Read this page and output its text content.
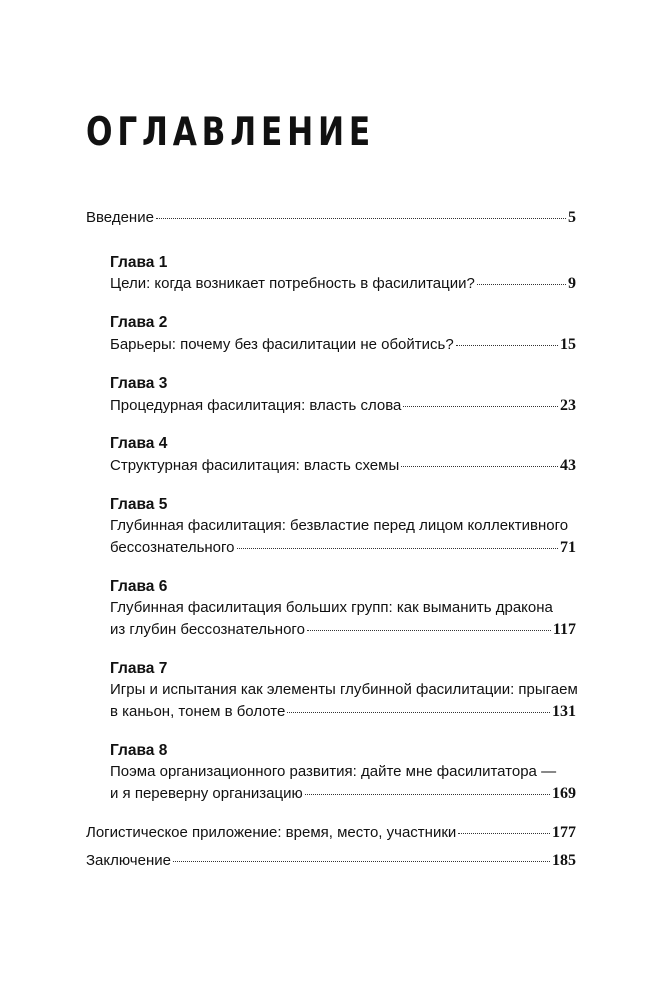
ОГЛАВЛЕНИЕ
Введение	5
Глава 1
Цели: когда возникает потребность в фасилитации?	9
Глава 2
Барьеры: почему без фасилитации не обойтись?	15
Глава 3
Процедурная фасилитация: власть слова	23
Глава 4
Структурная фасилитация: власть схемы	43
Глава 5
Глубинная фасилитация: безвластие перед лицом коллективного
бессознательного	71
Глава 6
Глубинная фасилитация больших групп: как выманить дракона
из глубин бессознательного	117
Глава 7
Игры и испытания как элементы глубинной фасилитации: прыгаем
в каньон, тонем в болоте	131
Глава 8
Поэма организационного развития: дайте мне фасилитатора —
и я переверну организацию	169
Логистическое приложение: время, место, участники	177
Заключение	185
